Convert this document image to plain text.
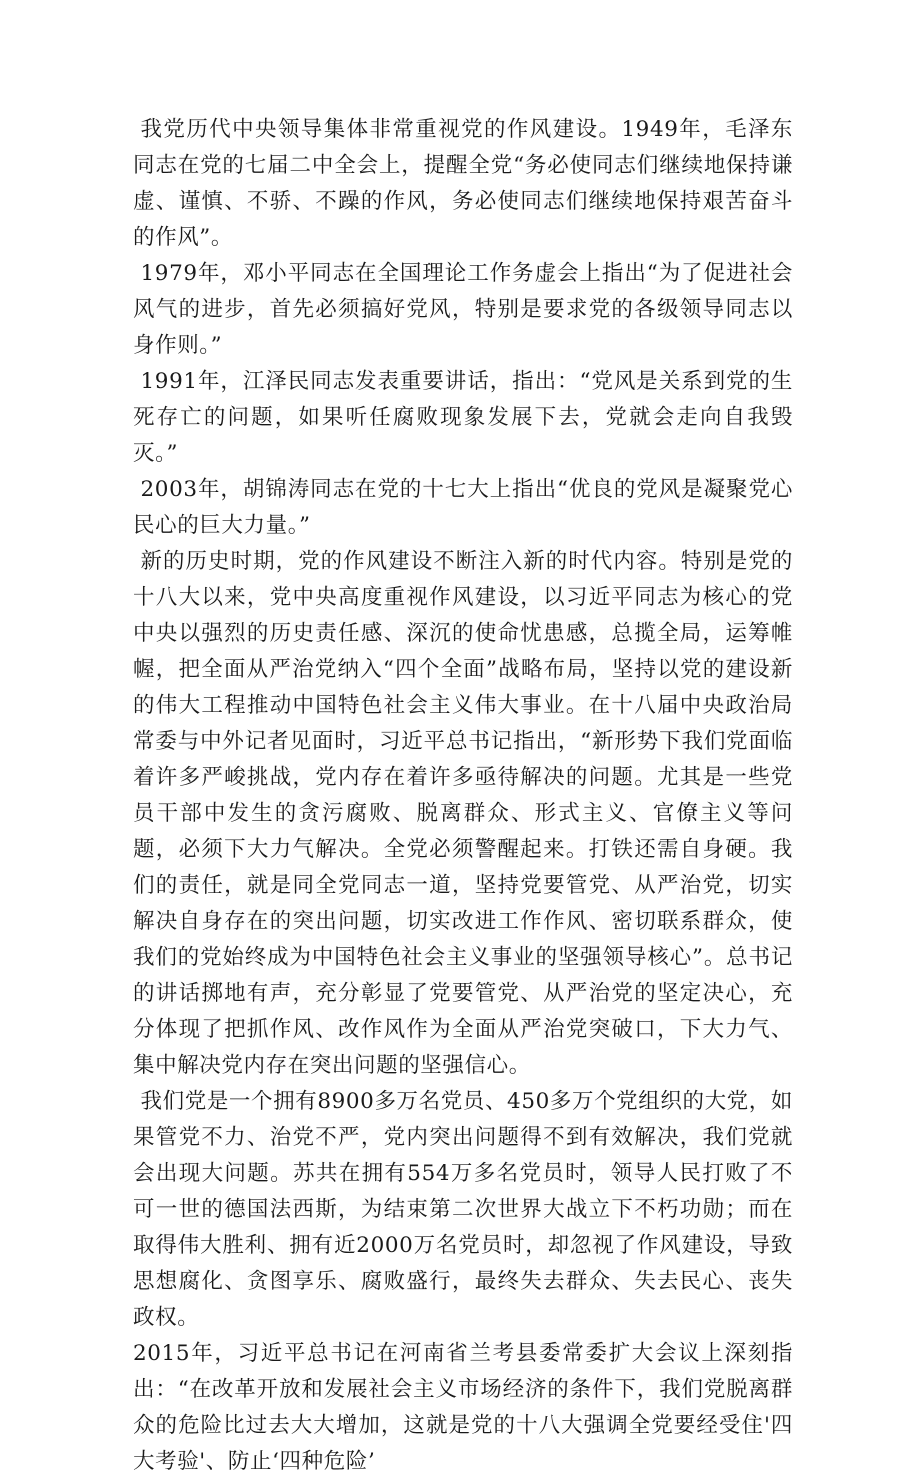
我党历代中央领导集体非常重视党的作风建设。1949年，毛泽东同志在党的七届二中全会上，提醒全党“务必使同志们继续地保持谦虚、谨慎、不骄、不躁的作风，务必使同志们继续地保持艰苦奋斗的作风”。

1979年，邓小平同志在全国理论工作务虚会上指出“为了促进社会风气的进步，首先必须搞好党风，特别是要求党的各级领导同志以身作则。”

1991年，江泽民同志发表重要讲话，指出：“党风是关系到党的生死存亡的问题，如果听任腐败现象发展下去，党就会走向自我毁灭。”

2003年，胡锦涛同志在党的十七大上指出“优良的党风是凝聚党心民心的巨大力量。”

新的历史时期，党的作风建设不断注入新的时代内容。特别是党的十八大以来，党中央高度重视作风建设，以习近平同志为核心的党中央以强烈的历史责任感、深沉的使命忧患感，总揽全局，运筹帷幄，把全面从严治党纳入“四个全面”战略布局，坚持以党的建设新的伟大工程推动中国特色社会主义伟大事业。在十八届中央政治局常委与中外记者见面时，习近平总书记指出，“新形势下我们党面临着许多严峻挑战，党内存在着许多亟待解决的问题。尤其是一些党员干部中发生的贪污腐败、脱离群众、形式主义、官僚主义等问题，必须下大力气解决。全党必须警醒起来。打铁还需自身硬。我们的责任，就是同全党同志一道，坚持党要管党、从严治党，切实解决自身存在的突出问题，切实改进工作作风、密切联系群众，使我们的党始终成为中国特色社会主义事业的坚强领导核心”。总书记的讲话掷地有声，充分彰显了党要管党、从严治党的坚定决心，充分体现了把抓作风、改作风作为全面从严治党突破口，下大力气、集中解决党内存在突出问题的坚强信心。

我们党是一个拥有8900多万名党员、450多万个党组织的大党，如果管党不力、治党不严，党内突出问题得不到有效解决，我们党就会出现大问题。苏共在拥有554万多名党员时，领导人民打败了不可一世的德国法西斯，为结束第二次世界大战立下不朽功勋；而在取得伟大胜利、拥有近2000万名党员时，却忽视了作风建设，导致思想腐化、贪图享乐、腐败盛行，最终失去群众、失去民心、丧失政权。

2015年，习近平总书记在河南省兰考县委常委扩大会议上深刻指出：“在改革开放和发展社会主义市场经济的条件下，我们党脱离群众的危险比过去大大增加，这就是党的十八大强调全党要经受住'四大考验'、防止‘四种危险’
